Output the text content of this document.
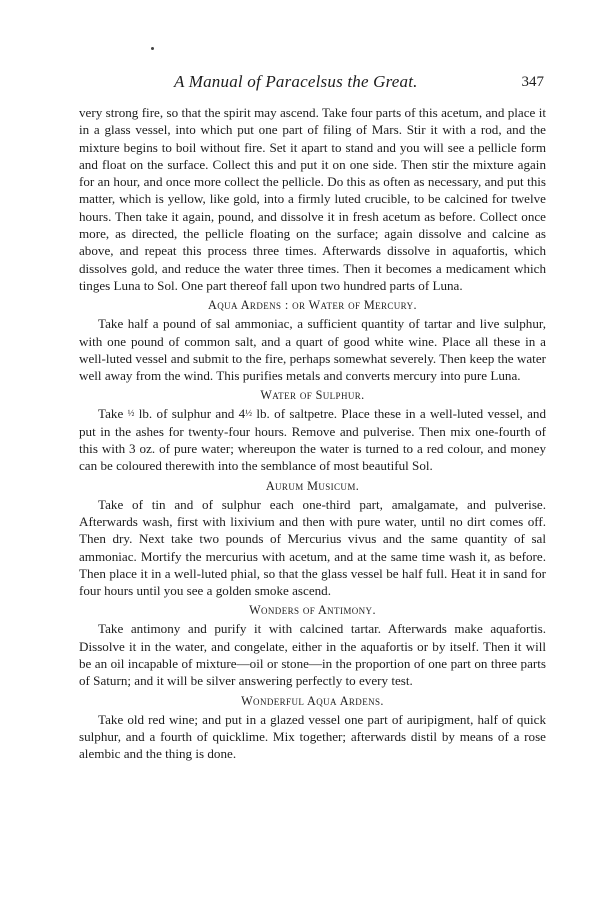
A Manual of Paracelsus the Great.	347

very strong fire, so that the spirit may ascend. Take four parts of this acetum, and place it in a glass vessel, into which put one part of filing of Mars. Stir it with a rod, and the mixture begins to boil without fire. Set it apart to stand and you will see a pellicle form and float on the surface. Collect this and put it on one side. Then stir the mixture again for an hour, and once more collect the pellicle. Do this as often as necessary, and put this matter, which is yellow, like gold, into a firmly luted crucible, to be calcined for twelve hours. Then take it again, pound, and dissolve it in fresh acetum as before. Collect once more, as directed, the pellicle floating on the surface; again dissolve and calcine as above, and repeat this process three times. Afterwards dissolve in aquafortis, which dissolves gold, and reduce the water three times. Then it becomes a medicament which tinges Luna to Sol. One part thereof fall upon two hundred parts of Luna.

Aqua Ardens : or Water of Mercury.

Take half a pound of sal ammoniac, a sufficient quantity of tartar and live sulphur, with one pound of common salt, and a quart of good white wine. Place all these in a well-luted vessel and submit to the fire, perhaps somewhat severely. Then keep the water well away from the wind. This purifies metals and converts mercury into pure Luna.

Water of Sulphur.

Take ½ lb. of sulphur and 4½ lb. of saltpetre. Place these in a well-luted vessel, and put in the ashes for twenty-four hours. Remove and pulverise. Then mix one-fourth of this with 3 oz. of pure water; whereupon the water is turned to a red colour, and money can be coloured therewith into the semblance of most beautiful Sol.

Aurum Musicum.

Take of tin and of sulphur each one-third part, amalgamate, and pulverise. Afterwards wash, first with lixivium and then with pure water, until no dirt comes off. Then dry. Next take two pounds of Mercurius vivus and the same quantity of sal ammoniac. Mortify the mercurius with acetum, and at the same time wash it, as before. Then place it in a well-luted phial, so that the glass vessel be half full. Heat it in sand for four hours until you see a golden smoke ascend.

Wonders of Antimony.

Take antimony and purify it with calcined tartar. Afterwards make aquafortis. Dissolve it in the water, and congelate, either in the aquafortis or by itself. Then it will be an oil incapable of mixture—oil or stone—in the proportion of one part on three parts of Saturn; and it will be silver answering perfectly to every test.

Wonderful Aqua Ardens.

Take old red wine; and put in a glazed vessel one part of auripigment, half of quick sulphur, and a fourth of quicklime. Mix together; afterwards distil by means of a rose alembic and the thing is done.
